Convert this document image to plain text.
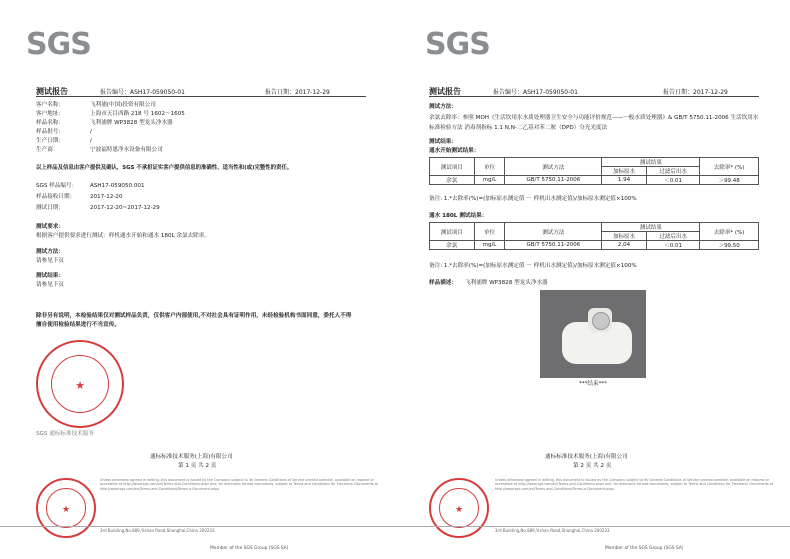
SGS
测试报告	报告编号：ASH17-059050-01	报告日期：2017-12-29
客户名称：	飞利浦(中国)投资有限公司
客户地址：	上海市天目西路 218 号 1602～1605
样品名称：	飞利浦牌 WP3828 型龙头净水器
样品批号：	/
生产日期：	/
生产商：	宁波福特恩净水设备有限公司
以上样品及信息由客户提供及确认，SGS 不承担证实客户提供信息的准确性、适当性和(或)完整性的责任。
SGS 样品编号： ASH17-059050.001
样品接收日期：	2017-12-20
测试日期：	2017-12-20~2017-12-29
测试要求：
根据客户提供要求进行测试：样机通水开始和通水 180L 余氯去除率。
测试方法：
请参见下页
测试结果：
请参见下页
除非另有说明，本检验结果仅对测试样品负责，仅供客户内部使用,不对社会具有证明作用，未经检验机构书面同意，委托人不得擅自使用检验结果进行不当宣传。
★
SGS 通标标准技术服务
通标标准技术服务(上海)有限公司
第 1 页 共 2 页
★
Unless otherwise agreed in writing, this document is issued by the Company subject to its General Conditions of Service printed overleaf, available on request or accessible at http://www.sgs.com/en/Terms-and-Conditions.aspx and, for electronic format documents, subject to Terms and Conditions for Electronic Documents at http://www.sgs.com/en/Terms-and-Conditions/Terms-e-Document.aspx.
3rd Building,No.889,Yishan Road,Shanghai,China 200233
Member of the SGS Group (SGS SA)
SGS
测试报告	报告编号：ASH17-059050-01	报告日期：2017-12-29
测试方法：
余氯去除率：参照 MOH《生活饮用水水质处理器卫生安全与功能评价规范——一般水质处理器》& GB/T 5750.11-2006 生活饮用水标准检验方法 消毒剂指标 1.1 N,N-二乙基对苯二胺（DPD）分光光度法
测试结果：
通水开始测试结果：
测试项目	单位	测试方法	测试结果		去除率* (%)
			加标原水	过滤后出水	
余氯	mg/L	GB/T 5750.11-2006	1.94	＜0.01	＞99.48
备注: 1.*去除率(%)=(加标原水测定值 － 样机出水测定值)/加标原水测定值×100%
通水 180L 测试结果：
测试项目	单位	测试方法	测试结果		去除率* (%)
			加标原水	过滤后出水	
余氯	mg/L	GB/T 5750.11-2006	2.04	＜0.01	＞99.50
备注: 1.*去除率(%)=(加标原水测定值 － 样机出水测定值)/加标原水测定值×100%
样品描述： 飞利浦牌 WP3828 型龙头净水器
***结束***
通标标准技术服务(上海)有限公司
第 2 页 共 2 页
★
Unless otherwise agreed in writing, this document is issued by the Company subject to its General Conditions of Service printed overleaf, available on request or accessible at http://www.sgs.com/en/Terms-and-Conditions.aspx and, for electronic format documents, subject to Terms and Conditions for Electronic Documents at http://www.sgs.com/en/Terms-and-Conditions/Terms-e-Document.aspx.
3rd Building,No.889,Yishan Road,Shanghai,China 200233
Member of the SGS Group (SGS SA)
